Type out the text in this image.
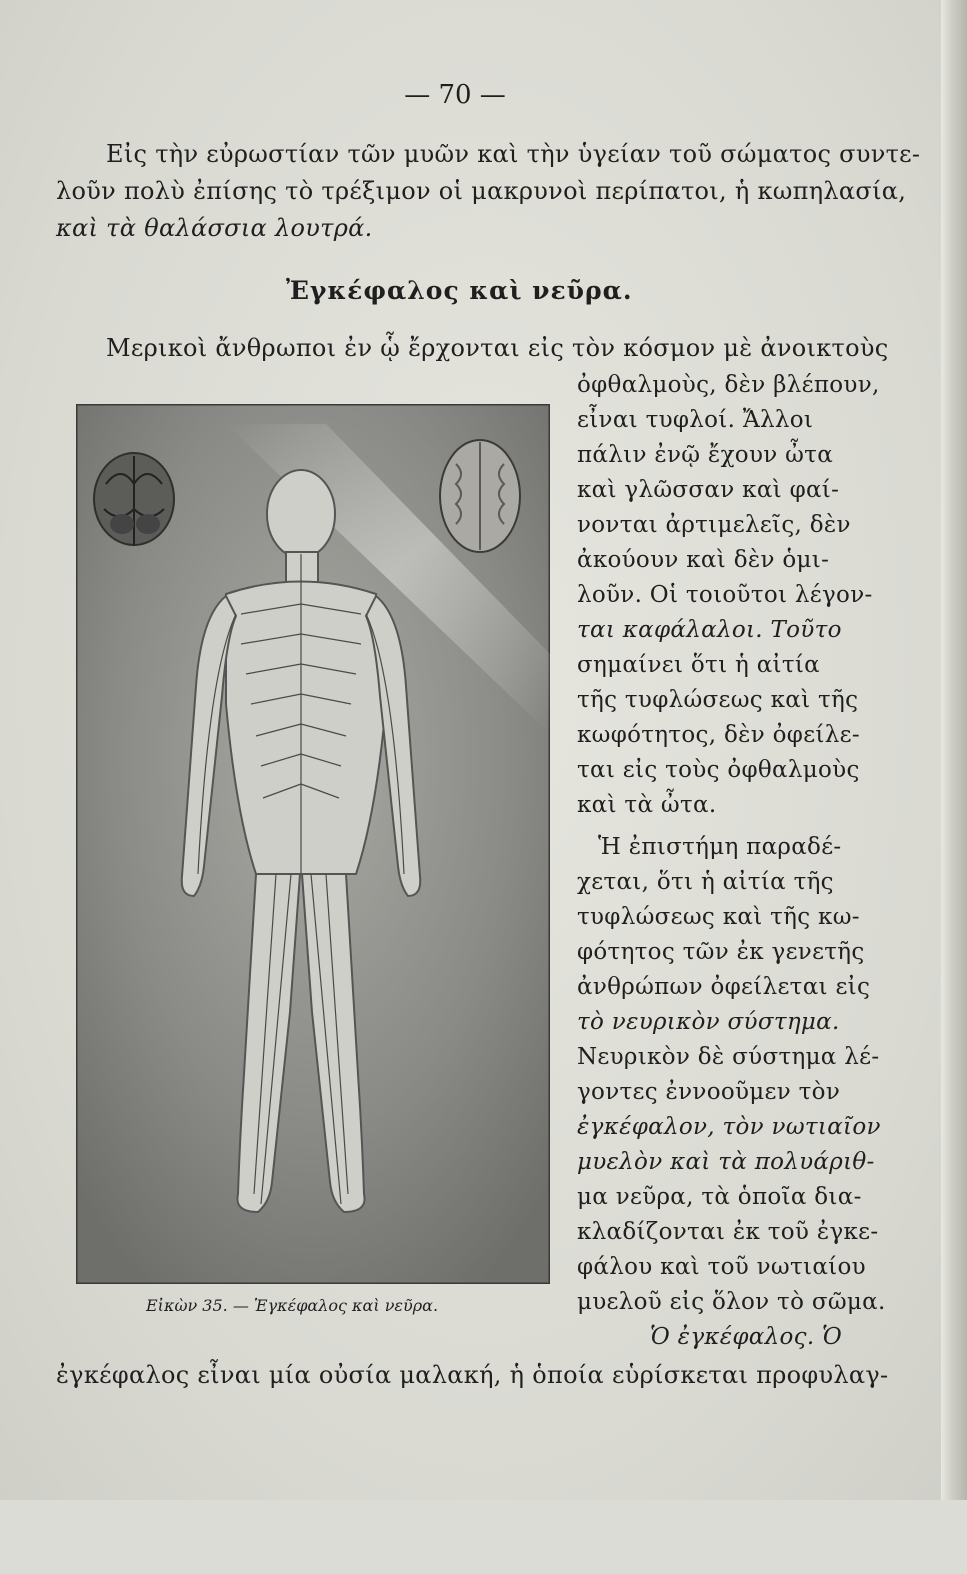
— 70 —
Εἰς τὴν εὐρωστίαν τῶν μυῶν καὶ τὴν ὑγείαν τοῦ σώματος συντε-
λοῦν πολὺ ἐπίσης τὸ τρέξιμον οἱ μακρυνοὶ περίπατοι, ἡ κωπηλασία,
καὶ τὰ θαλάσσια λουτρά.
Ἐγκέφαλος καὶ νεῦρα.
Μερικοὶ ἄνθρωποι ἐν ᾧ ἔρχονται εἰς τὸν κόσμον μὲ ἀνοικτοὺς
Εἰκὼν 35. — Ἐγκέφαλος καὶ νεῦρα.
ὀφθαλμοὺς, δὲν βλέπουν,
εἶναι τυφλοί. Ἄλλοι
πάλιν ἐνῷ ἔχουν ὦτα
καὶ γλῶσσαν καὶ φαί-
νονται ἀρτιμελεῖς, δὲν
ἀκούουν καὶ δὲν ὁμι-
λοῦν. Οἱ τοιοῦτοι λέγον-
ται καφάλαλοι. Τοῦτο
σημαίνει ὅτι ἡ αἰτία
τῆς τυφλώσεως καὶ τῆς
κωφότητος, δὲν ὀφείλε-
ται εἰς τοὺς ὀφθαλμοὺς
καὶ τὰ ὦτα.
Ἡ ἐπιστήμη παραδέ-
χεται, ὅτι ἡ αἰτία τῆς
τυφλώσεως καὶ τῆς κω-
φότητος τῶν ἐκ γενετῆς
ἀνθρώπων ὀφείλεται εἰς
τὸ νευρικὸν σύστημα.
Νευρικὸν δὲ σύστημα λέ-
γοντες ἐννοοῦμεν τὸν
ἐγκέφαλον, τὸν νωτιαῖον
μυελὸν καὶ τὰ πολυάριθ-
μα νεῦρα, τὰ ὁποῖα δια-
κλαδίζονται ἐκ τοῦ ἐγκε-
φάλου καὶ τοῦ νωτιαίου
μυελοῦ εἰς ὅλον τὸ σῶμα.
Ὁ ἐγκέφαλος. Ὁ
ἐγκέφαλος εἶναι μία οὐσία μαλακή, ἡ ὁποία εὑρίσκεται προφυλαγ-
